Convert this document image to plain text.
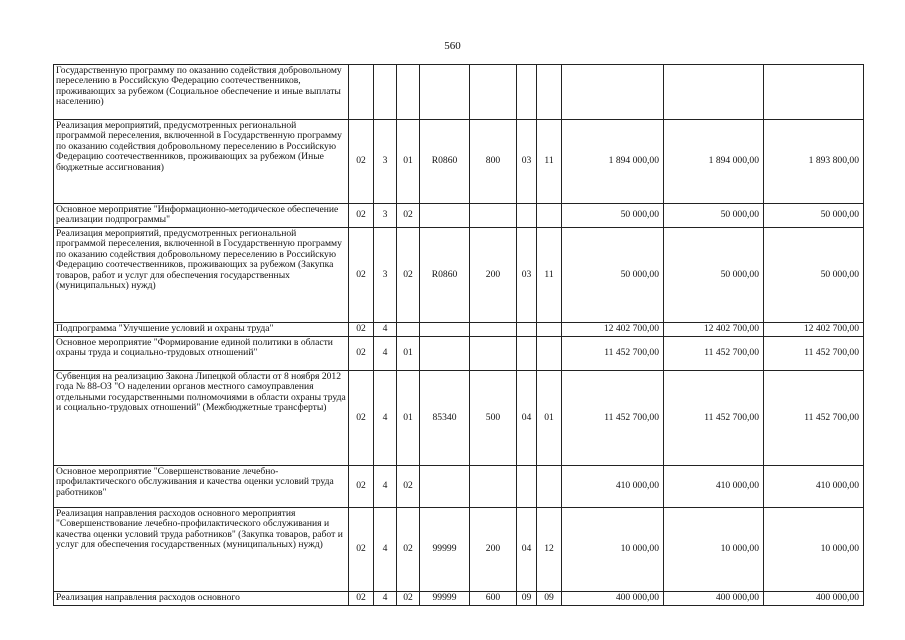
560
Государственную программу по оказанию содействия добровольному переселению в Российскую Федерацию соотечественников, проживающих за рубежом (Социальное обеспечение и иные выплаты населению)										
Реализация мероприятий, предусмотренных региональной программой переселения, включенной в Государственную программу по оказанию содействия добровольному переселению в Российскую Федерацию соотечественников, проживающих за рубежом (Иные бюджетные ассигнования)	02	3	01	R0860	800	03	11	1 894 000,00	1 894 000,00	1 893 800,00
Основное мероприятие "Информационно-методическое обеспечение реализации подпрограммы"	02	3	02					50 000,00	50 000,00	50 000,00
Реализация мероприятий, предусмотренных региональной программой переселения, включенной в Государственную программу по оказанию содействия добровольному переселению в Российскую Федерацию соотечественников, проживающих за рубежом (Закупка товаров, работ и услуг для обеспечения государственных (муниципальных) нужд)	02	3	02	R0860	200	03	11	50 000,00	50 000,00	50 000,00
Подпрограмма "Улучшение условий и охраны труда"	02	4						12 402 700,00	12 402 700,00	12 402 700,00
Основное мероприятие "Формирование единой политики в области охраны труда и социально-трудовых отношений"	02	4	01					11 452 700,00	11 452 700,00	11 452 700,00
Субвенция на реализацию Закона Липецкой области от 8 ноября 2012 года № 88-ОЗ "О наделении органов местного самоуправления отдельными государственными полномочиями в области охраны труда и социально-трудовых отношений" (Межбюджетные трансферты)	02	4	01	85340	500	04	01	11 452 700,00	11 452 700,00	11 452 700,00
Основное мероприятие "Совершенствование лечебно-профилактического обслуживания и качества оценки условий труда работников"	02	4	02					410 000,00	410 000,00	410 000,00
Реализация направления расходов основного мероприятия "Совершенствование лечебно-профилактического обслуживания и качества оценки условий труда работников" (Закупка товаров, работ и услуг для обеспечения государственных (муниципальных) нужд)	02	4	02	99999	200	04	12	10 000,00	10 000,00	10 000,00
Реализация направления расходов основного	02	4	02	99999	600	09	09	400 000,00	400 000,00	400 000,00
